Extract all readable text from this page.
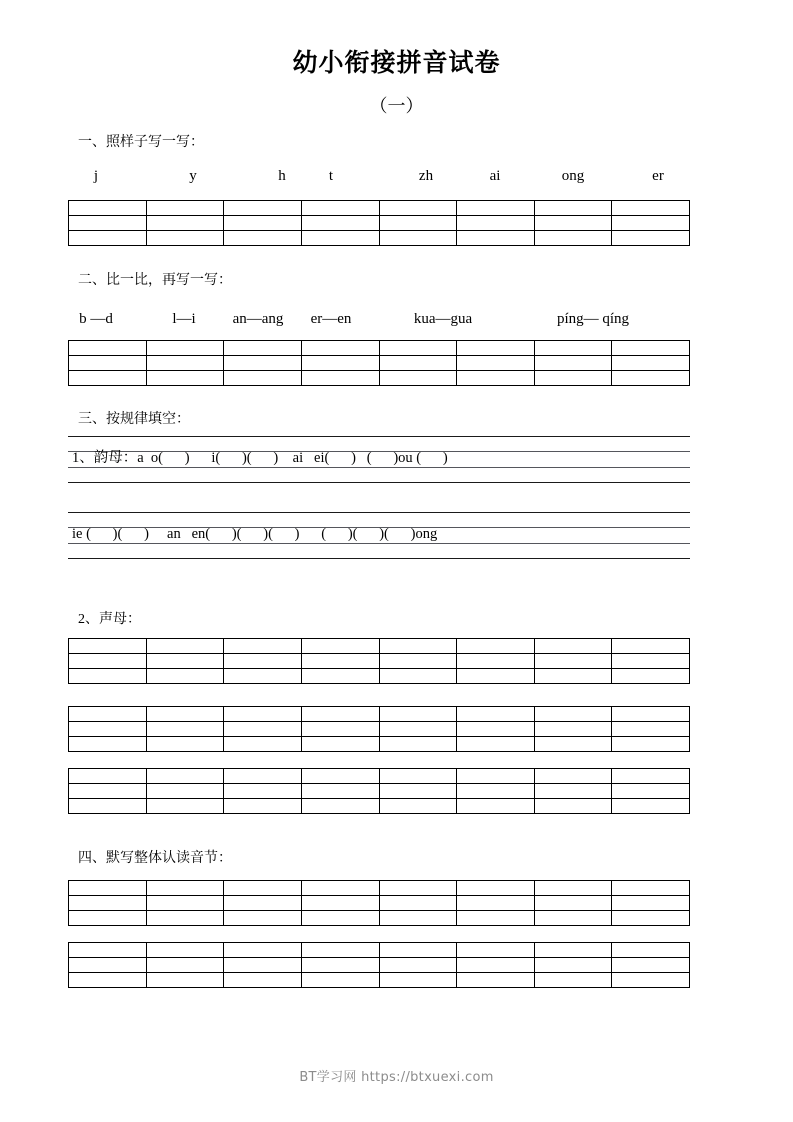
幼小衔接拼音试卷
（一）
一、照样子写一写：
j	y	h	t	zh	ai	ong	er
二、比一比，再写一写：
b —d	l—i an—ang er—en	kua—gua	píng— qíng
三、按规律填空：
1、韵母：a  o(      )      i(      )(      )    ai   ei(      )   (      )ou (      )
ie (      )(      )     an   en(      )(      )(      )      (      )(      )(      )ong
2、声母：
四、默写整体认读音节：
BT学习网 https://btxuexi.com
